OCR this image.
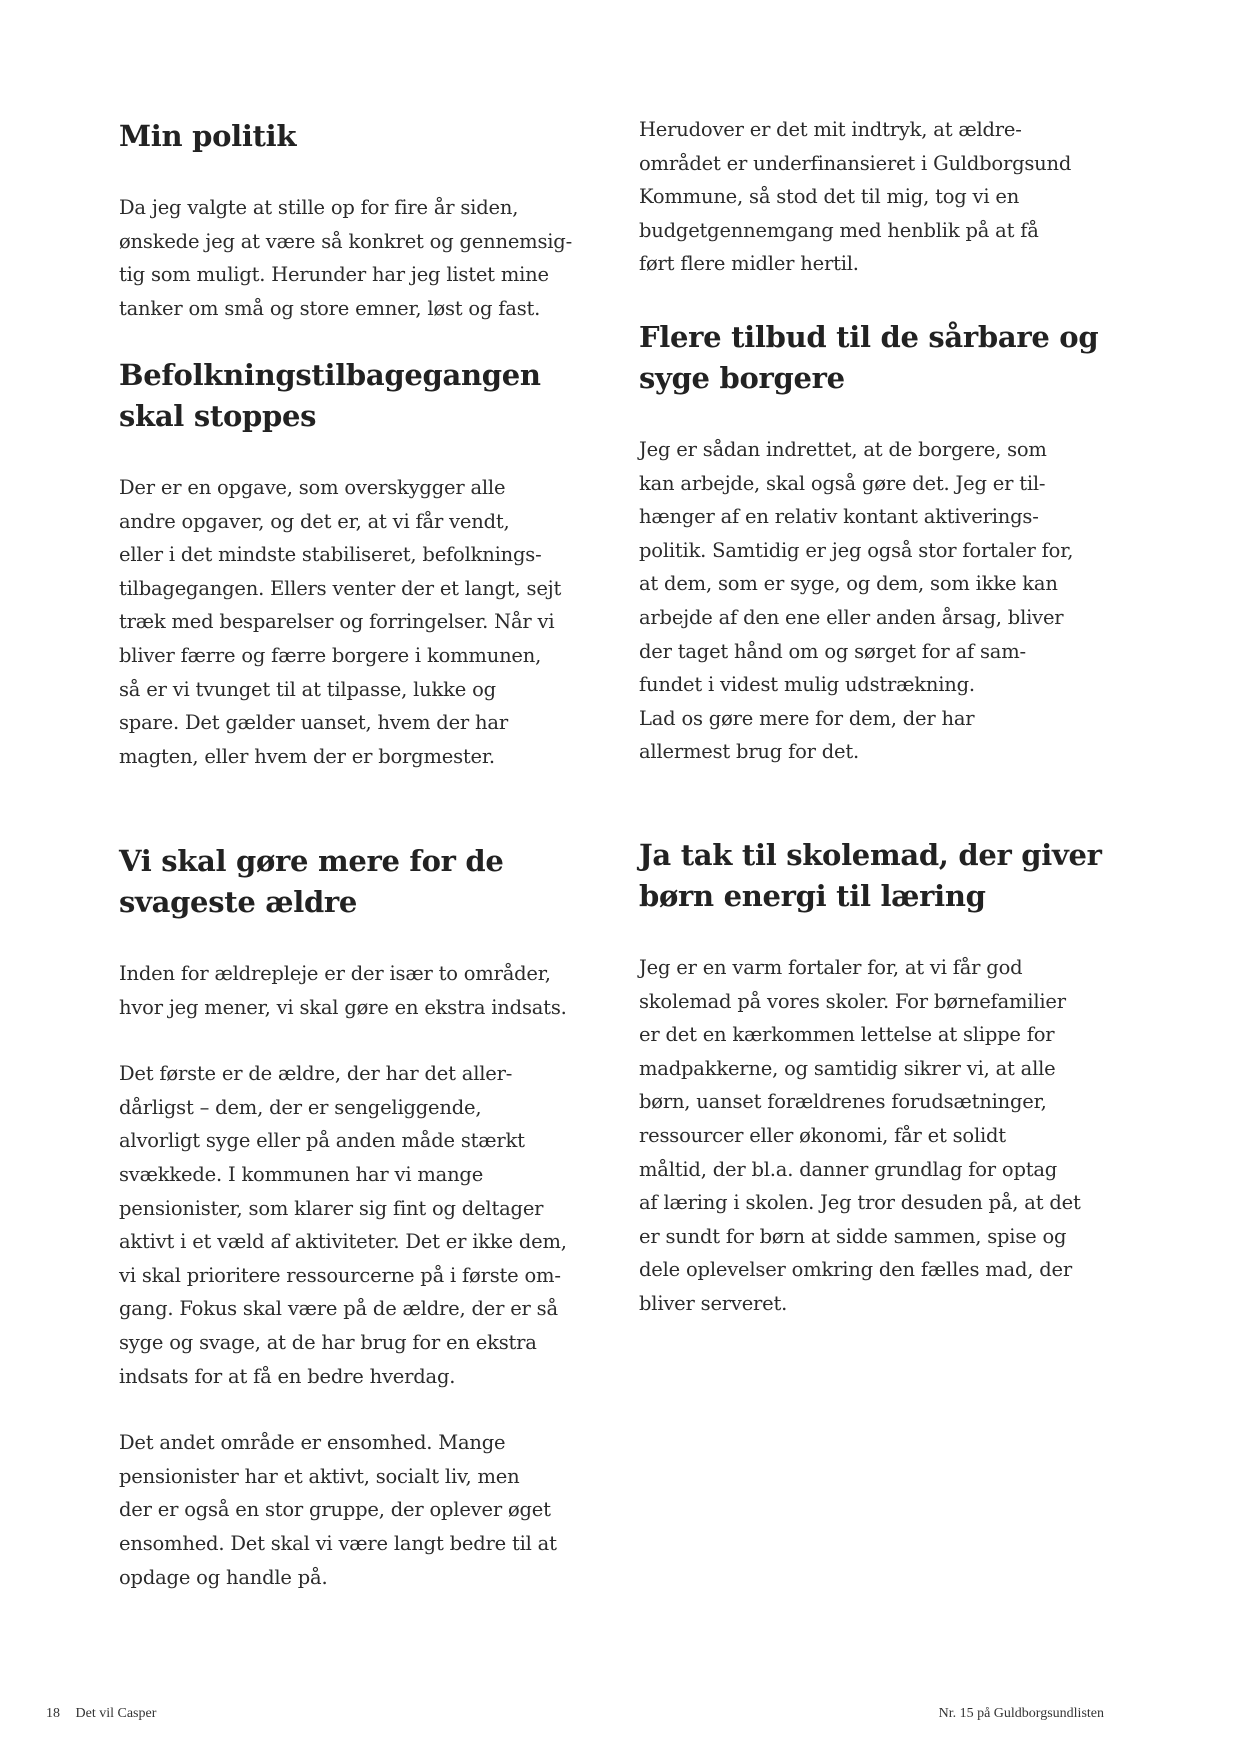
Min politik

Da jeg valgte at stille op for fire år siden,
ønskede jeg at være så konkret og gennemsig-
tig som muligt. Herunder har jeg listet mine
tanker om små og store emner, løst og fast.

Befolkningstilbagegangen skal stoppes

Der er en opgave, som overskygger alle
andre opgaver, og det er, at vi får vendt,
eller i det mindste stabiliseret, befolknings-
tilbagegangen. Ellers venter der et langt, sejt
træk med besparelser og forringelser. Når vi
bliver færre og færre borgere i kommunen,
så er vi tvunget til at tilpasse, lukke og
spare. Det gælder uanset, hvem der har
magten, eller hvem der er borgmester.

Vi skal gøre mere for de svageste ældre

Inden for ældrepleje er der især to områder,
hvor jeg mener, vi skal gøre en ekstra indsats.

Det første er de ældre, der har det aller-
dårligst – dem, der er sengeliggende,
alvorligt syge eller på anden måde stærkt
svækkede. I kommunen har vi mange
pensionister, som klarer sig fint og deltager
aktivt i et væld af aktiviteter. Det er ikke dem,
vi skal prioritere ressourcerne på i første om-
gang. Fokus skal være på de ældre, der er så
syge og svage, at de har brug for en ekstra
indsats for at få en bedre hverdag.

Det andet område er ensomhed. Mange
pensionister har et aktivt, socialt liv, men
der er også en stor gruppe, der oplever øget
ensomhed. Det skal vi være langt bedre til at
opdage og handle på.

Herudover er det mit indtryk, at ældre-
området er underfinansieret i Guldborgsund
Kommune, så stod det til mig, tog vi en
budgetgennemgang med henblik på at få
ført flere midler hertil.

Flere tilbud til de sårbare og syge borgere

Jeg er sådan indrettet, at de borgere, som
kan arbejde, skal også gøre det. Jeg er til-
hænger af en relativ kontant aktiverings-
politik. Samtidig er jeg også stor fortaler for,
at dem, som er syge, og dem, som ikke kan
arbejde af den ene eller anden årsag, bliver
der taget hånd om og sørget for af sam-
fundet i videst mulig udstrækning.
Lad os gøre mere for dem, der har
allermest brug for det.

Ja tak til skolemad, der giver børn energi til læring

Jeg er en varm fortaler for, at vi får god
skolemad på vores skoler. For børnefamilier
er det en kærkommen lettelse at slippe for
madpakkerne, og samtidig sikrer vi, at alle
børn, uanset forældrenes forudsætninger,
ressourcer eller økonomi, får et solidt
måltid, der bl.a. danner grundlag for optag
af læring i skolen. Jeg tror desuden på, at det
er sundt for børn at sidde sammen, spise og
dele oplevelser omkring den fælles mad, der
bliver serveret.

18 Det vil Casper	Nr. 15 på Guldborgsundlisten
